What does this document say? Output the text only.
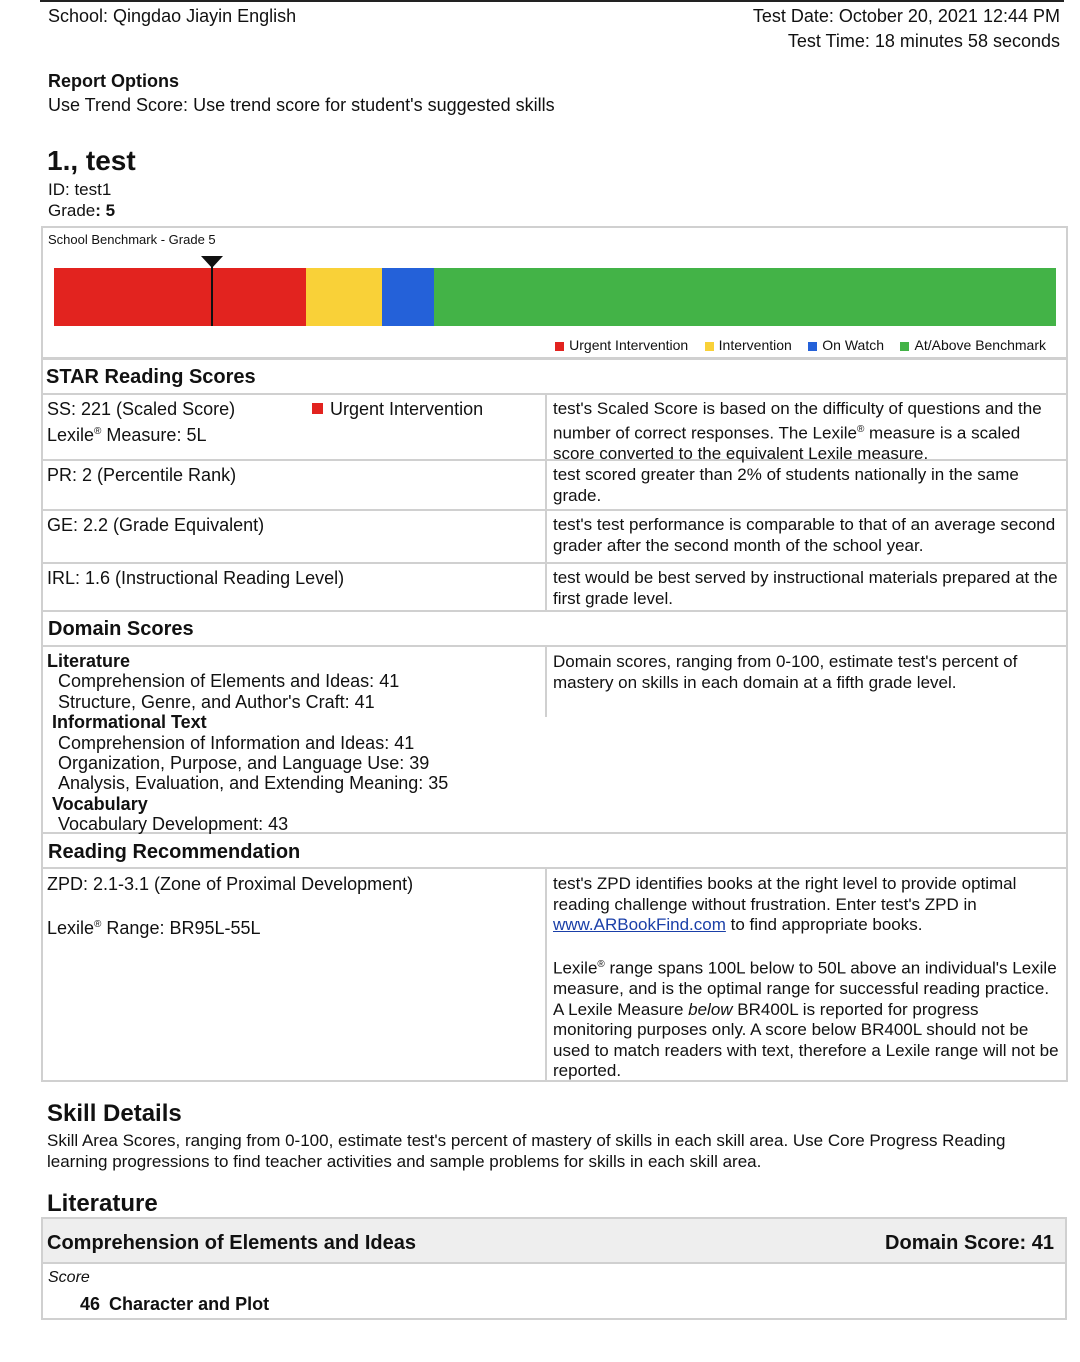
School: Qingdao Jiayin English	Test Date: October 20, 2021 12:44 PM
Test Time: 18 minutes 58 seconds
Report Options
Use Trend Score: Use trend score for student's suggested skills
1., test
ID: test1
Grade: 5
School Benchmark - Grade 5
Urgent Intervention Intervention On Watch At/Above Benchmark
STAR Reading Scores
SS: 221 (Scaled Score)
Lexile® Measure: 5L
Urgent Intervention	test's Scaled Score is based on the difficulty of questions and the number of correct responses. The Lexile® measure is a scaled score converted to the equivalent Lexile measure.
PR: 2 (Percentile Rank)	test scored greater than 2% of students nationally in the same grade.
GE: 2.2 (Grade Equivalent)	test's test performance is comparable to that of an average second grader after the second month of the school year.
IRL: 1.6 (Instructional Reading Level)	test would be best served by instructional materials prepared at the first grade level.
Domain Scores
Literature
Comprehension of Elements and Ideas: 41
Structure, Genre, and Author's Craft: 41
Informational Text
Comprehension of Information and Ideas: 41
Organization, Purpose, and Language Use: 39
Analysis, Evaluation, and Extending Meaning: 35
Vocabulary
Vocabulary Development: 43
Domain scores, ranging from 0-100, estimate test's percent of mastery on skills in each domain at a fifth grade level.
Reading Recommendation
ZPD: 2.1-3.1 (Zone of Proximal Development)
Lexile® Range: BR95L-55L
test's ZPD identifies books at the right level to provide optimal reading challenge without frustration. Enter test's ZPD in www.ARBookFind.com to find appropriate books.
Lexile® range spans 100L below to 50L above an individual's Lexile measure, and is the optimal range for successful reading practice. A Lexile Measure below BR400L is reported for progress monitoring purposes only. A score below BR400L should not be used to match readers with text, therefore a Lexile range will not be reported.
Skill Details
Skill Area Scores, ranging from 0-100, estimate test's percent of mastery of skills in each skill area. Use Core Progress Reading learning progressions to find teacher activities and sample problems for skills in each skill area.
Literature
Comprehension of Elements and Ideas	Domain Score: 41
Score
46 Character and Plot
